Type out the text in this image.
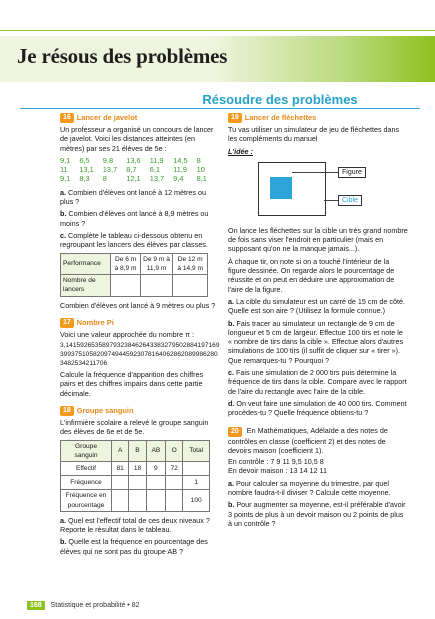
Je résous des problèmes
Résoudre des problèmes
16 Lancer de javelot

Un professeur a organisé un concours de lancer de javelot. Voici les distances atteintes (en mètres) par ses 21 élèves de 5e :

9,1	6,5	9,8	13,6	11,9	14,5	8
11	13,1	13,7	8,7	6,1	11,9	10
9,1	8,3	8	12,1	13,7	9,4	8,1

a. Combien d'élèves ont lancé à 12 mètres ou plus ?

b. Combien d'élèves ont lancé à 8,9 mètres ou moins ?

c. Complète le tableau ci-dessous obtenu en regroupant les lancers des élèves par classes.

Performance	De 6 m à 8,9 m	De 9 m à 11,9 m	De 12 m à 14,9 m
Nombre de lancers			

Combien d'élèves ont lancé à 9 mètres ou plus ?

17 Nombre Pi

Voici une valeur approchée du nombre π :

3,14159265358979323846264338327950288419716939937510582097494459230781640628620899862803482534211706

Calcule la fréquence d'apparition des chiffres pairs et des chiffres impairs dans cette partie décimale.

18 Groupe sanguin

L'infirmière scolaire a relevé le groupe sanguin des élèves de 6e et de 5e.

Groupe sanguin	A	B	AB	O	Total
Effectif	81	18	9	72	
Fréquence					1
Fréquence en pourcentage					100

a. Quel est l'effectif total de ces deux niveaux ? Reporte le résultat dans le tableau.

b. Quelle est la fréquence en pourcentage des élèves qui ne sont pas du groupe AB ?

19 Lancer de fléchettes

Tu vas utiliser un simulateur de jeu de fléchettes dans les compléments du manuel

L'idée :
Figure
Cible

On lance les fléchettes sur la cible un très grand nombre de fois sans viser l'endroit en particulier (mais en supposant qu'on ne la manque jamais...).

À chaque tir, on note si on a touché l'intérieur de la figure dessinée. On regarde alors le pourcentage de réussite et on peut en déduire une approximation de l'aire de la figure.

a. La cible du simulateur est un carré de 15 cm de côté. Quelle est son aire ? (Utilisez la formule connue.)

b. Fais tracer au simulateur un rectangle de 9 cm de longueur et 5 cm de largeur. Effectue 100 tirs et note le « nombre de tirs dans la cible ». Effectue alors d'autres simulations de 100 tirs (il suffit de cliquer sur « tirer »). Que remarques-tu ? Pourquoi ?

c. Fais une simulation de 2 000 tirs puis détermine la fréquence de tirs dans la cible. Compare avec le rapport de l'aire du rectangle avec l'aire de la cible.

d. On veut faire une simulation de 40 000 tirs. Comment procèdes-tu ? Quelle fréquence obtiens-tu ?

20 En Mathématiques, Adélaïde a des notes de contrôles en classe (coefficient 2) et des notes de devoirs maison (coefficient 1).

En contrôle : 7 9 11 9,5 10,5 8

En devoir maison : 13 14 12 11

a. Pour calculer sa moyenne du trimestre, par quel nombre faudra-t-il diviser ? Calcule cette moyenne.

b. Pour augmenter sa moyenne, est-il préférable d'avoir 3 points de plus à un devoir maison ou 2 points de plus à un contrôle ?

168 Statistique et probabilité • 82
